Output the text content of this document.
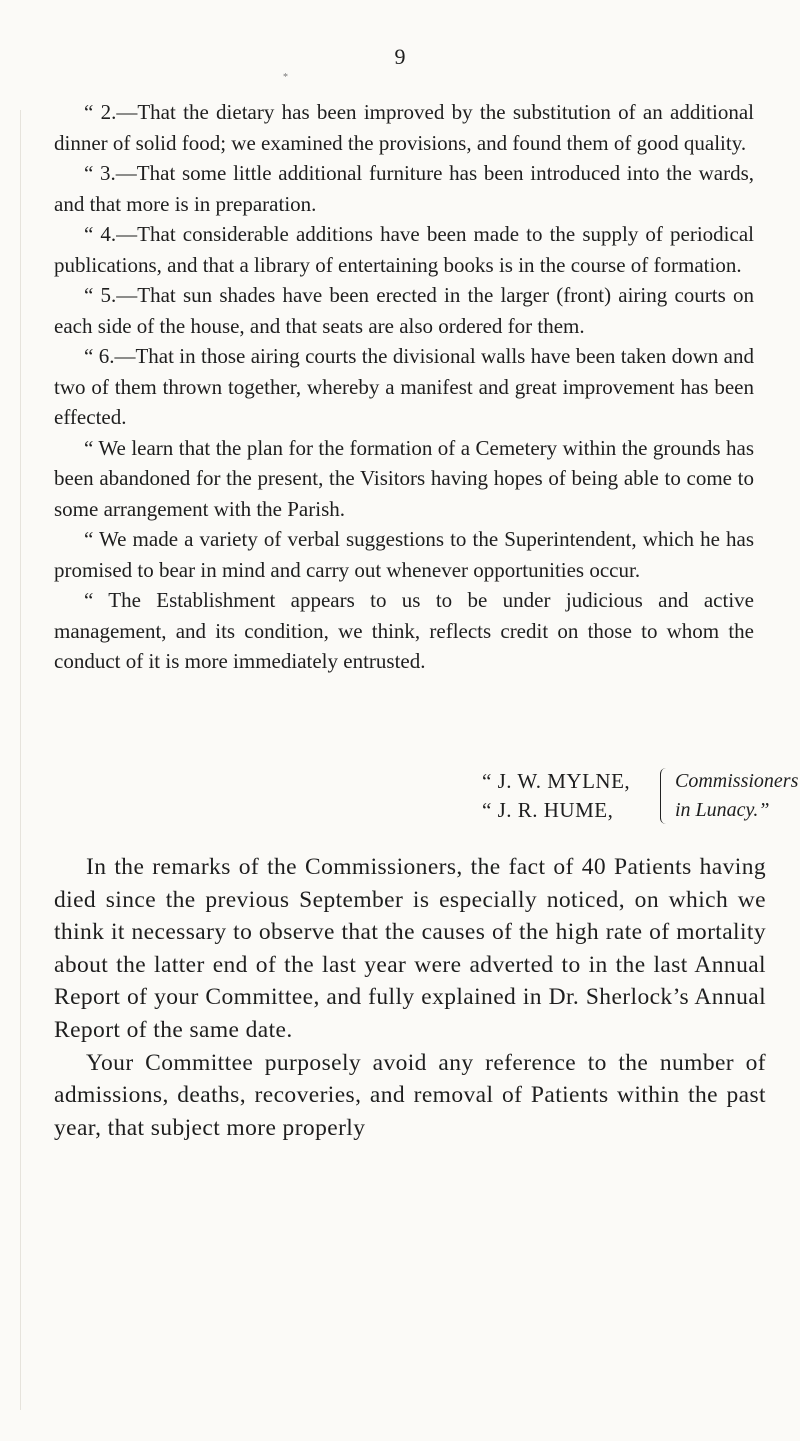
9
*

“ 2.—That the dietary has been improved by the substitution of an additional dinner of solid food; we examined the provisions, and found them of good quality.

“ 3.—That some little additional furniture has been introduced into the wards, and that more is in preparation.

“ 4.—That considerable additions have been made to the supply of periodical publications, and that a library of entertaining books is in the course of formation.

“ 5.—That sun shades have been erected in the larger (front) airing courts on each side of the house, and that seats are also ordered for them.

“ 6.—That in those airing courts the divisional walls have been taken down and two of them thrown together, whereby a manifest and great improvement has been effected.

“ We learn that the plan for the formation of a Cemetery within the grounds has been abandoned for the present, the Visitors having hopes of being able to come to some arrangement with the Parish.

“ We made a variety of verbal suggestions to the Superintendent, which he has promised to bear in mind and carry out whenever opportunities occur.

“ The Establishment appears to us to be under judicious and active management, and its condition, we think, reflects credit on those to whom the conduct of it is more immediately entrusted.

“ J. W. MYLNE,
“ J. R. HUME,
Commissioners
in Lunacy.”

In the remarks of the Commissioners, the fact of 40 Patients having died since the previous September is especially noticed, on which we think it necessary to observe that the causes of the high rate of mortality about the latter end of the last year were adverted to in the last Annual Report of your Committee, and fully explained in Dr. Sherlock’s Annual Report of the same date.

Your Committee purposely avoid any reference to the number of admissions, deaths, recoveries, and removal of Patients within the past year, that subject more properly
